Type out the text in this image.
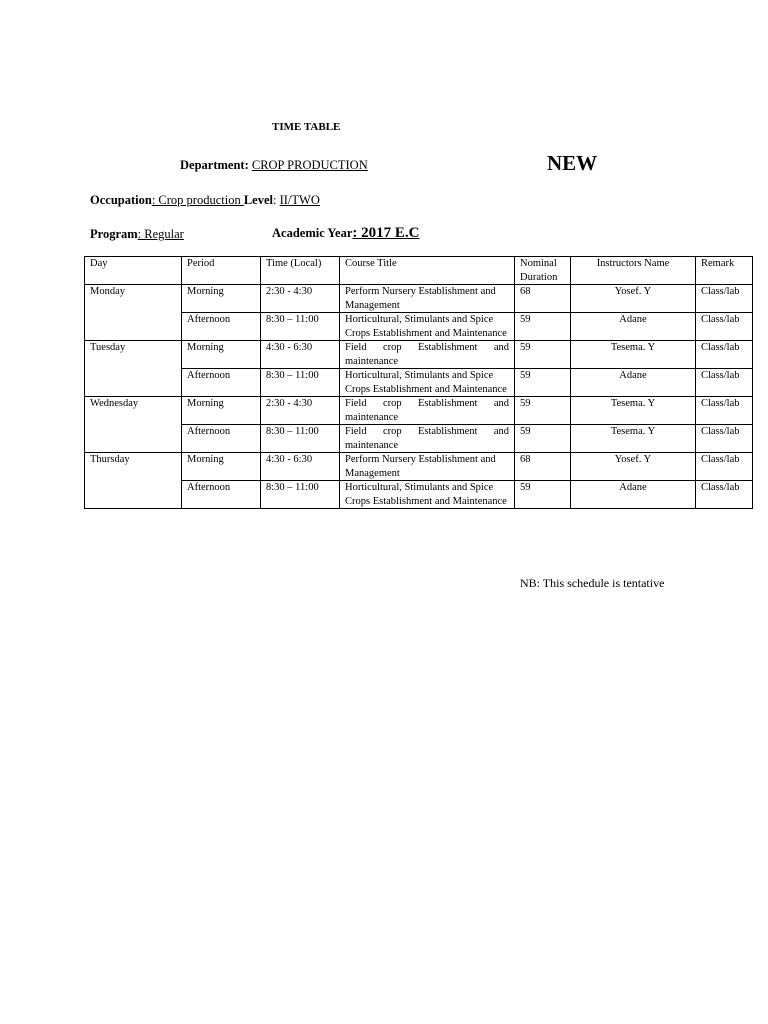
TIME TABLE
Department: CROP PRODUCTION	NEW
Occupation: Crop production Level: II/TWO
Program: Regular	Academic Year: 2017 E.C
Day	Period	Time (Local)	Course Title	Nominal Duration	Instructors Name	Remark
Monday	Morning	2:30 - 4:30	Perform Nursery Establishment and Management	68	Yosef. Y	Class/lab
	Afternoon	8:30 – 11:00	Horticultural, Stimulants and Spice Crops Establishment and Maintenance	59	Adane	Class/lab
Tuesday	Morning	4:30 - 6:30	Field crop Establishment and maintenance	59	Tesema. Y	Class/lab
	Afternoon	8:30 – 11:00	Horticultural, Stimulants and Spice Crops Establishment and Maintenance	59	Adane	Class/lab
Wednesday	Morning	2:30 - 4:30	Field crop Establishment and maintenance	59	Tesema. Y	Class/lab
	Afternoon	8:30 – 11:00	Field crop Establishment and maintenance	59	Tesema. Y	Class/lab
Thursday	Morning	4:30 - 6:30	Perform Nursery Establishment and Management	68	Yosef. Y	Class/lab
	Afternoon	8:30 – 11:00	Horticultural, Stimulants and Spice Crops Establishment and Maintenance	59	Adane	Class/lab
NB: This schedule is tentative
